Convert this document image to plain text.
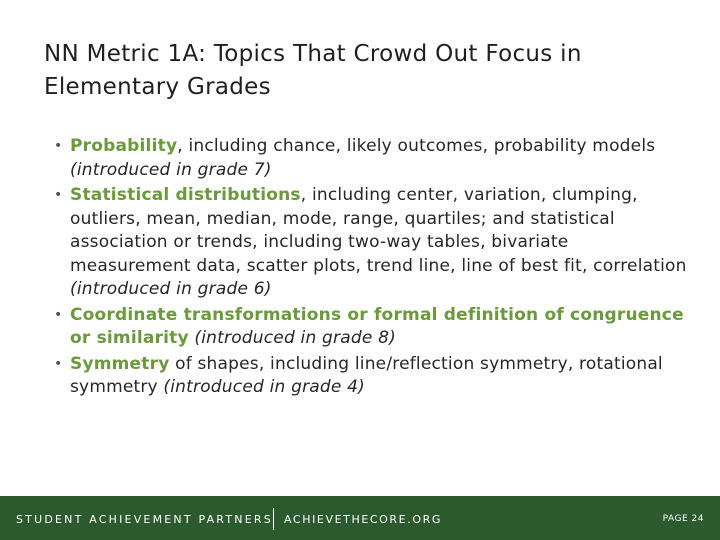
NN Metric 1A: Topics That Crowd Out Focus in Elementary Grades
• Probability, including chance, likely outcomes, probability models (introduced in grade 7)
• Statistical distributions, including center, variation, clumping, outliers, mean, median, mode, range, quartiles; and statistical association or trends, including two-way tables, bivariate measurement data, scatter plots, trend line, line of best fit, correlation (introduced in grade 6)
• Coordinate transformations or formal definition of congruence or similarity (introduced in grade 8)
• Symmetry of shapes, including line/reflection symmetry, rotational symmetry (introduced in grade 4)
STUDENT ACHIEVEMENT PARTNERS ACHIEVETHECORE.ORG	PAGE 24
